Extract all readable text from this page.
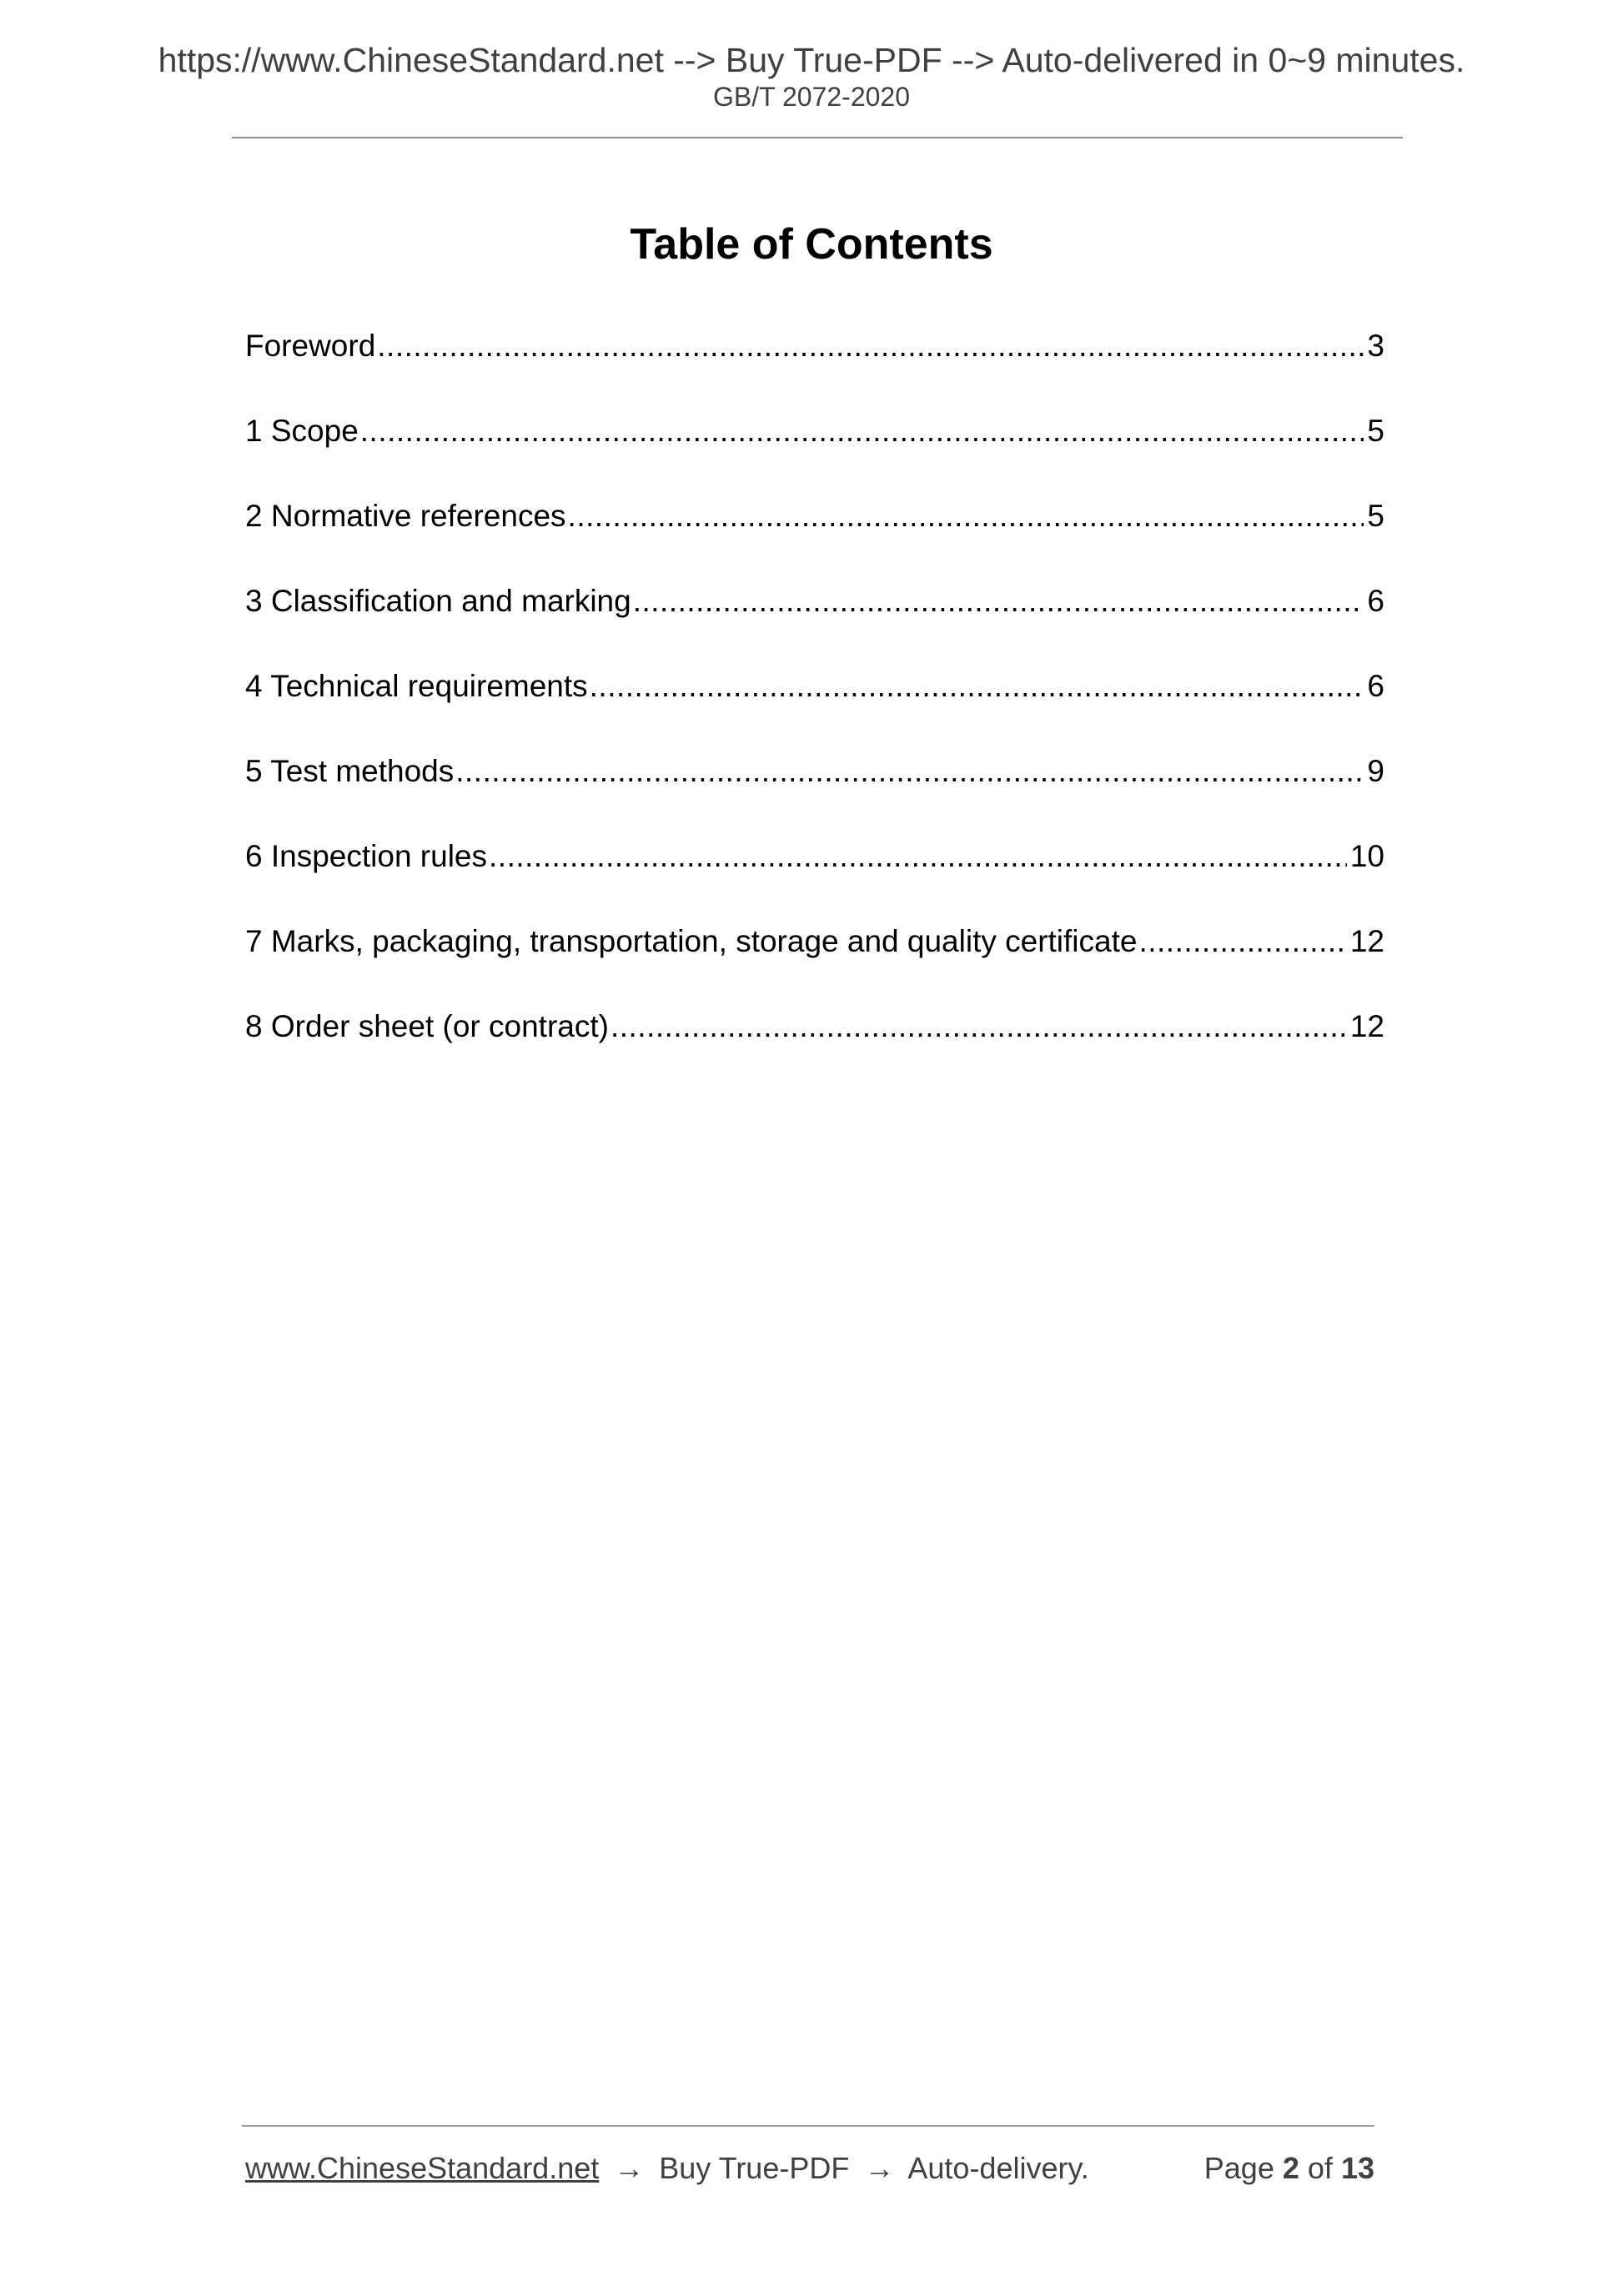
https://www.ChineseStandard.net --> Buy True-PDF --> Auto-delivered in 0~9 minutes.
GB/T 2072-2020
Table of Contents
Foreword .....	3
1 Scope .....	5
2 Normative references .....	5
3 Classification and marking .....	6
4 Technical requirements .....	6
5 Test methods .....	9
6 Inspection rules .....	10
7 Marks, packaging, transportation, storage and quality certificate .....	12
8 Order sheet (or contract) .....	12
www.ChineseStandard.net → Buy True-PDF → Auto-delivery.	Page 2 of 13
